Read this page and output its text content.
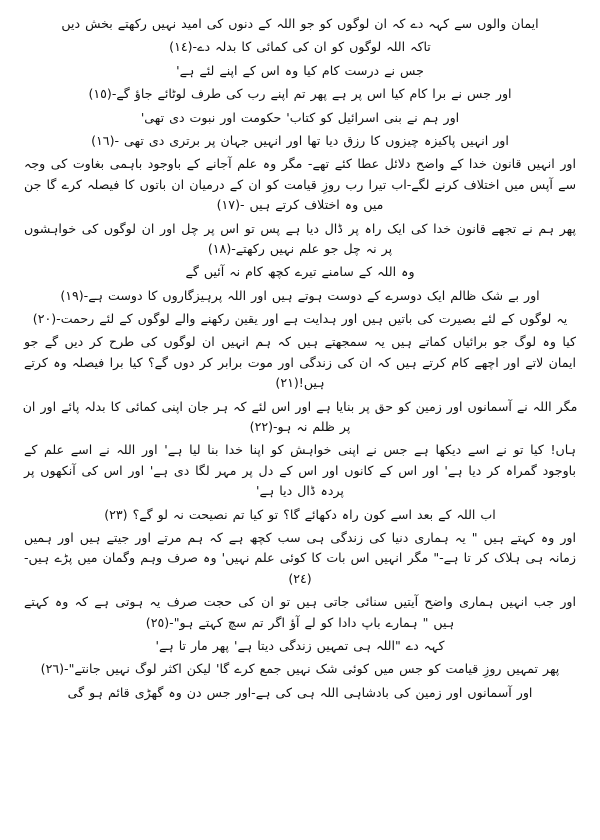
ایمان والوں سے کہہ دے کہ ان لوگوں کو جو اللہ کے دنوں کی امید نہیں رکھتے بخش دیں

تاکہ اللہ لوگوں کو ان کی کمائی کا بدلہ دے-(١٤)

جس نے درست کام کیا وہ اس کے اپنے لئے ہے'

اور جس نے برا کام کیا اس پر ہے پھر تم اپنے رب کی طرف لوٹائے جاؤ گے-(١٥)

اور ہم نے بنی اسرائیل کو کتاب' حکومت اور نبوت دی تھی'

اور انہیں پاکیزہ چیزوں کا رزق دیا تھا اور انہیں جہان پر برتری دی تھی -(١٦)

اور انہیں قانون خدا کے واضح دلائل عطا کئے تھے- مگر وہ علم آجانے کے باوجود باہمی بغاوت کی وجہ سے آپس میں اختلاف کرنے لگے-اب تیرا رب روزِ قیامت کو ان کے درمیان ان باتوں کا فیصلہ کرے گا جن میں وہ اختلاف کرتے ہیں -(١٧)

پھر ہم نے تجھے قانون خدا کی ایک راہ پر ڈال دیا ہے پس تو اس پر چل اور ان لوگوں کی خواہشوں پر نہ چل جو علم نہیں رکھتے-(١٨)

وہ اللہ کے سامنے تیرے کچھ کام نہ آئیں گے

اور بے شک ظالم ایک دوسرے کے دوست ہوتے ہیں اور اللہ پرہیزگاروں کا دوست ہے-(١٩)

یہ لوگوں کے لئے بصیرت کی باتیں ہیں اور ہدایت ہے اور یقین رکھنے والے لوگوں کے لئے رحمت-(٢٠)

کیا وہ لوگ جو برائیاں کماتے ہیں یہ سمجھتے ہیں کہ ہم انہیں ان لوگوں کی طرح کر دیں گے جو ایمان لاتے اور اچھے کام کرتے ہیں کہ ان کی زندگی اور موت برابر کر دوں گے؟ کیا برا فیصلہ وہ کرتے ہیں!(٢١)

مگر اللہ نے آسمانوں اور زمین کو حق پر بنایا ہے اور اس لئے کہ ہر جان اپنی کمائی کا بدلہ پائے اور ان پر ظلم نہ ہو-(٢٢)

ہاں! کیا تو نے اسے دیکھا ہے جس نے اپنی خواہش کو اپنا خدا بنا لیا ہے' اور اللہ نے اسے علم کے باوجود گمراہ کر دیا ہے' اور اس کے کانوں اور اس کے دل پر مہر لگا دی ہے' اور اس کی آنکھوں پر پردہ ڈال دیا ہے'

اب اللہ کے بعد اسے کون راہ دکھائے گا؟ تو کیا تم نصیحت نہ لو گے؟ (٢٣)

اور وہ کہتے ہیں " یہ ہماری دنیا کی زندگی ہی سب کچھ ہے کہ ہم مرتے اور جیتے ہیں اور ہمیں زمانہ ہی ہلاک کر تا ہے-" مگر انہیں اس بات کا کوئی علم نہیں' وہ صرف وہم وگمان میں پڑے ہیں-(٢٤)

اور جب انہیں ہماری واضح آیتیں سنائی جاتی ہیں تو ان کی حجت صرف یہ ہوتی ہے کہ وہ کہتے ہیں " ہمارے باپ دادا کو لے آؤ اگر تم سچ کہتے ہو"-(٢٥)

کہہ دے "اللہ ہی تمہیں زندگی دیتا ہے' پھر مار تا ہے'

پھر تمہیں روزِ قیامت کو جس میں کوئی شک نہیں جمع کرے گا' لیکن اکثر لوگ نہیں جانتے"-(٢٦)

اور آسمانوں اور زمین کی بادشاہی اللہ ہی کی ہے-اور جس دن وہ گھڑی قائم ہو گی
